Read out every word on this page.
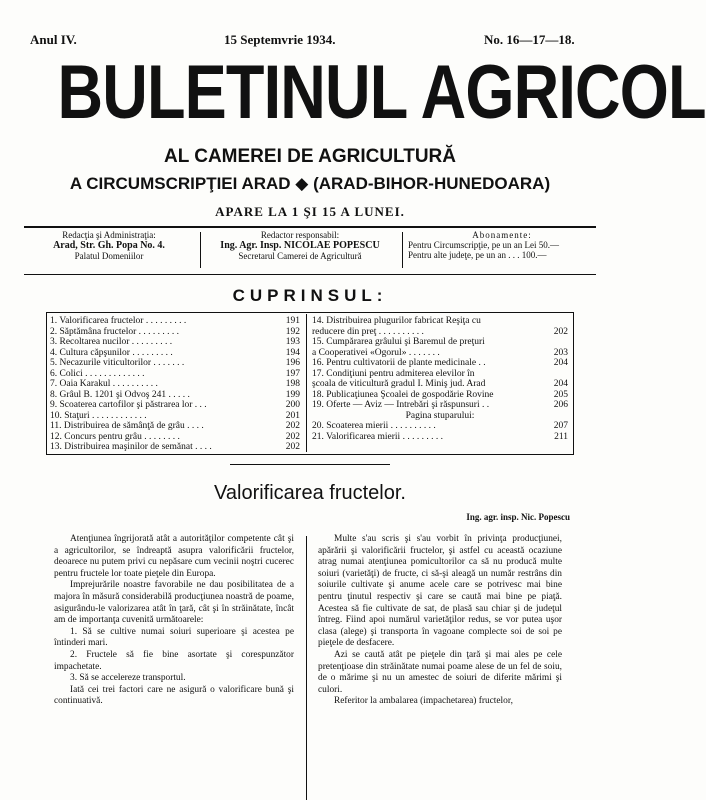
Anul IV.	15 Septemvrie 1934.	No. 16—17—18.
BULETINUL AGRICOL
AL CAMEREI DE AGRICULTURĂ
A CIRCUMSCRIPŢIEI ARAD ◆ (ARAD-BIHOR-HUNEDOARA)
APARE LA 1 ŞI 15 A LUNEI.
Redacţia şi Administraţia:
Arad, Str. Gh. Popa No. 4.
Palatul Domeniilor
Redactor responsabil:
Ing. Agr. Insp. NICOLAE POPESCU
Secretarul Camerei de Agricultură
Abonamente:
Pentru Circumscripţie, pe un an Lei 50.—
Pentru alte judeţe, pe un an . . . 100.—
CUPRINSUL:
1. Valorificarea fructelor . . . . . . . . .	191
2. Săptămâna fructelor . . . . . . . . .	192
3. Recoltarea nucilor . . . . . . . . .	193
4. Cultura căpşunilor . . . . . . . . .	194
5. Necazurile viticultorilor . . . . . . .	196
6. Colici . . . . . . . . . . . . .	197
7. Oaia Karakul . . . . . . . . . .	198
8. Grâul B. 1201 şi Odvoş 241 . . . . .	199
9. Scoaterea cartofilor şi păstrarea lor . . .	200
10. Staţuri . . . . . . . . . . . .	201
11. Distribuirea de sămânţă de grâu . . . .	202
12. Concurs pentru grâu . . . . . . . .	202
13. Distribuirea maşinilor de semănat . . . .	202
14. Distribuirea plugurilor fabricat Reşiţa cu
reducere din preţ . . . . . . . . . .	202
15. Cumpărarea grâului şi Baremul de preţuri
a Cooperativei «Ogorul» . . . . . . .	203
16. Pentru cultivatorii de plante medicinale . .	204
17. Condiţiuni pentru admiterea elevilor în
şcoala de viticultură gradul I. Miniş jud. Arad	204
18. Publicaţiunea Şcoalei de gospodărie Rovine	205
19. Oferte — Aviz — Intrebări şi răspunsuri . .	206
Pagina stuparului:
20. Scoaterea mierii . . . . . . . . . .	207
21. Valorificarea mierii . . . . . . . . .	211
Valorificarea fructelor.
Ing. agr. insp. Nic. Popescu

Atenţiunea îngrijorată atât a autorităţilor competente cât şi a agricultorilor, se îndreaptă asupra valorificării fructelor, deoarece nu putem privi cu nepăsare cum vecinii noştri cucerec pentru fructele lor toate pieţele din Europa.

Imprejurările noastre favorabile ne dau posibilitatea de a majora în măsură considerabilă producţiunea noastră de poame, asigurându-le valorizarea atât în ţară, cât şi în străinătate, încât am de importanţa cuvenită următoarele:

1. Să se cultive numai soiuri superioare şi acestea pe întinderi mari.

2. Fructele să fie bine asortate şi corespunzător impachetate.

3. Să se accelereze transportul.

Iată cei trei factori care ne asigură o valorificare bună şi continuativă.

Multe s'au scris şi s'au vorbit în privinţa producţiunei, apărării şi valorificării fructelor, şi astfel cu această ocaziune atrag numai atenţiunea pomicultorilor ca să nu producă multe soiuri (varietăţi) de fructe, ci să-şi aleagă un număr restrâns din soiurile cultivate şi anume acele care se potrivesc mai bine pentru ţinutul respectiv şi care se caută mai bine pe piaţă. Acestea să fie cultivate de sat, de plasă sau chiar şi de judeţul întreg. Fiind apoi numărul varietăţilor redus, se vor putea uşor clasa (alege) şi transporta în vagoane complecte soi de soi pe pieţele de desfacere.

Azi se caută atât pe pieţele din ţară şi mai ales pe cele pretenţioase din străinătate numai poame alese de un fel de soiu, de o mărime şi nu un amestec de soiuri de diferite mărimi şi culori.

Referitor la ambalarea (impachetarea) fructelor,
